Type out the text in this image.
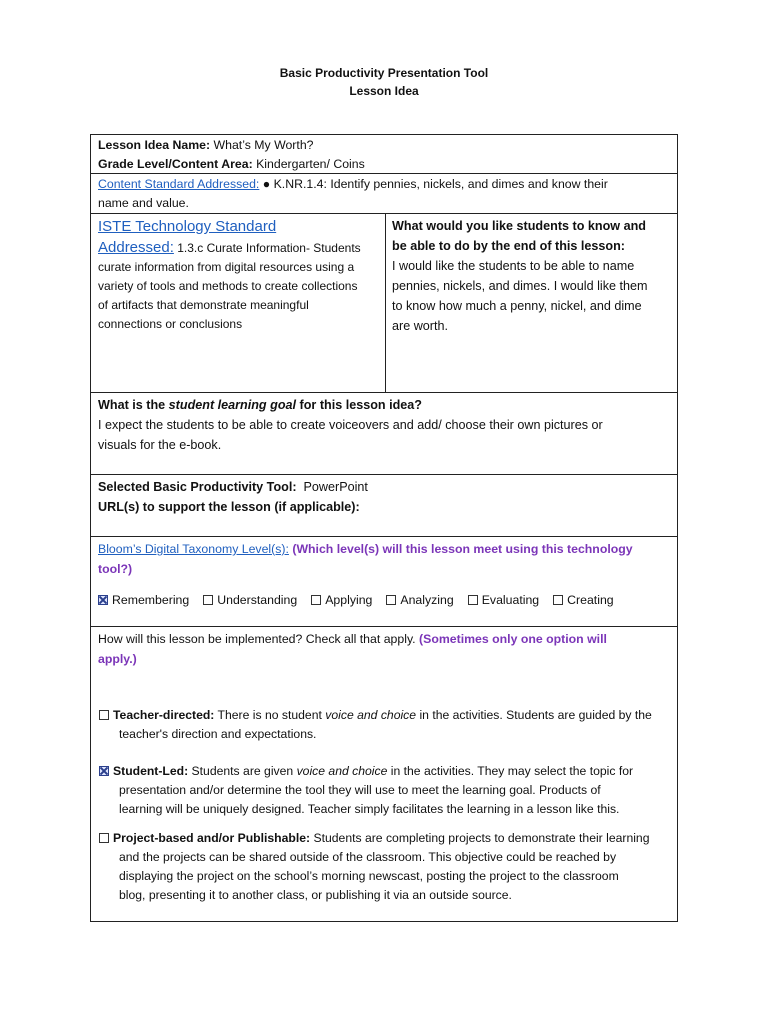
Basic Productivity Presentation Tool
Lesson Idea
Lesson Idea Name: What’s My Worth?
Grade Level/Content Area: Kindergarten/ Coins
Content Standard Addressed: ● K.NR.1.4: Identify pennies, nickels, and dimes and know their
name and value.
ISTE Technology Standard
Addressed: 1.3.c Curate Information- Students
curate information from digital resources using a
variety of tools and methods to create collections
of artifacts that demonstrate meaningful
connections or conclusions
What would you like students to know and
be able to do by the end of this lesson:
I would like the students to be able to name
pennies, nickels, and dimes. I would like them
to know how much a penny, nickel, and dime
are worth.
What is the student learning goal for this lesson idea?
I expect the students to be able to create voiceovers and add/ choose their own pictures or
visuals for the e-book.
Selected Basic Productivity Tool: PowerPoint
URL(s) to support the lesson (if applicable):
Bloom’s Digital Taxonomy Level(s): (Which level(s) will this lesson meet using this technology
tool?)
Remembering Understanding Applying Analyzing Evaluating Creating
How will this lesson be implemented? Check all that apply. (Sometimes only one option will
apply.)
Teacher-directed: There is no student voice and choice in the activities. Students are guided by the
teacher's direction and expectations.
Student-Led: Students are given voice and choice in the activities. They may select the topic for
presentation and/or determine the tool they will use to meet the learning goal. Products of
learning will be uniquely designed. Teacher simply facilitates the learning in a lesson like this.
Project-based and/or Publishable: Students are completing projects to demonstrate their learning
and the projects can be shared outside of the classroom. This objective could be reached by
displaying the project on the school’s morning newscast, posting the project to the classroom
blog, presenting it to another class, or publishing it via an outside source.
